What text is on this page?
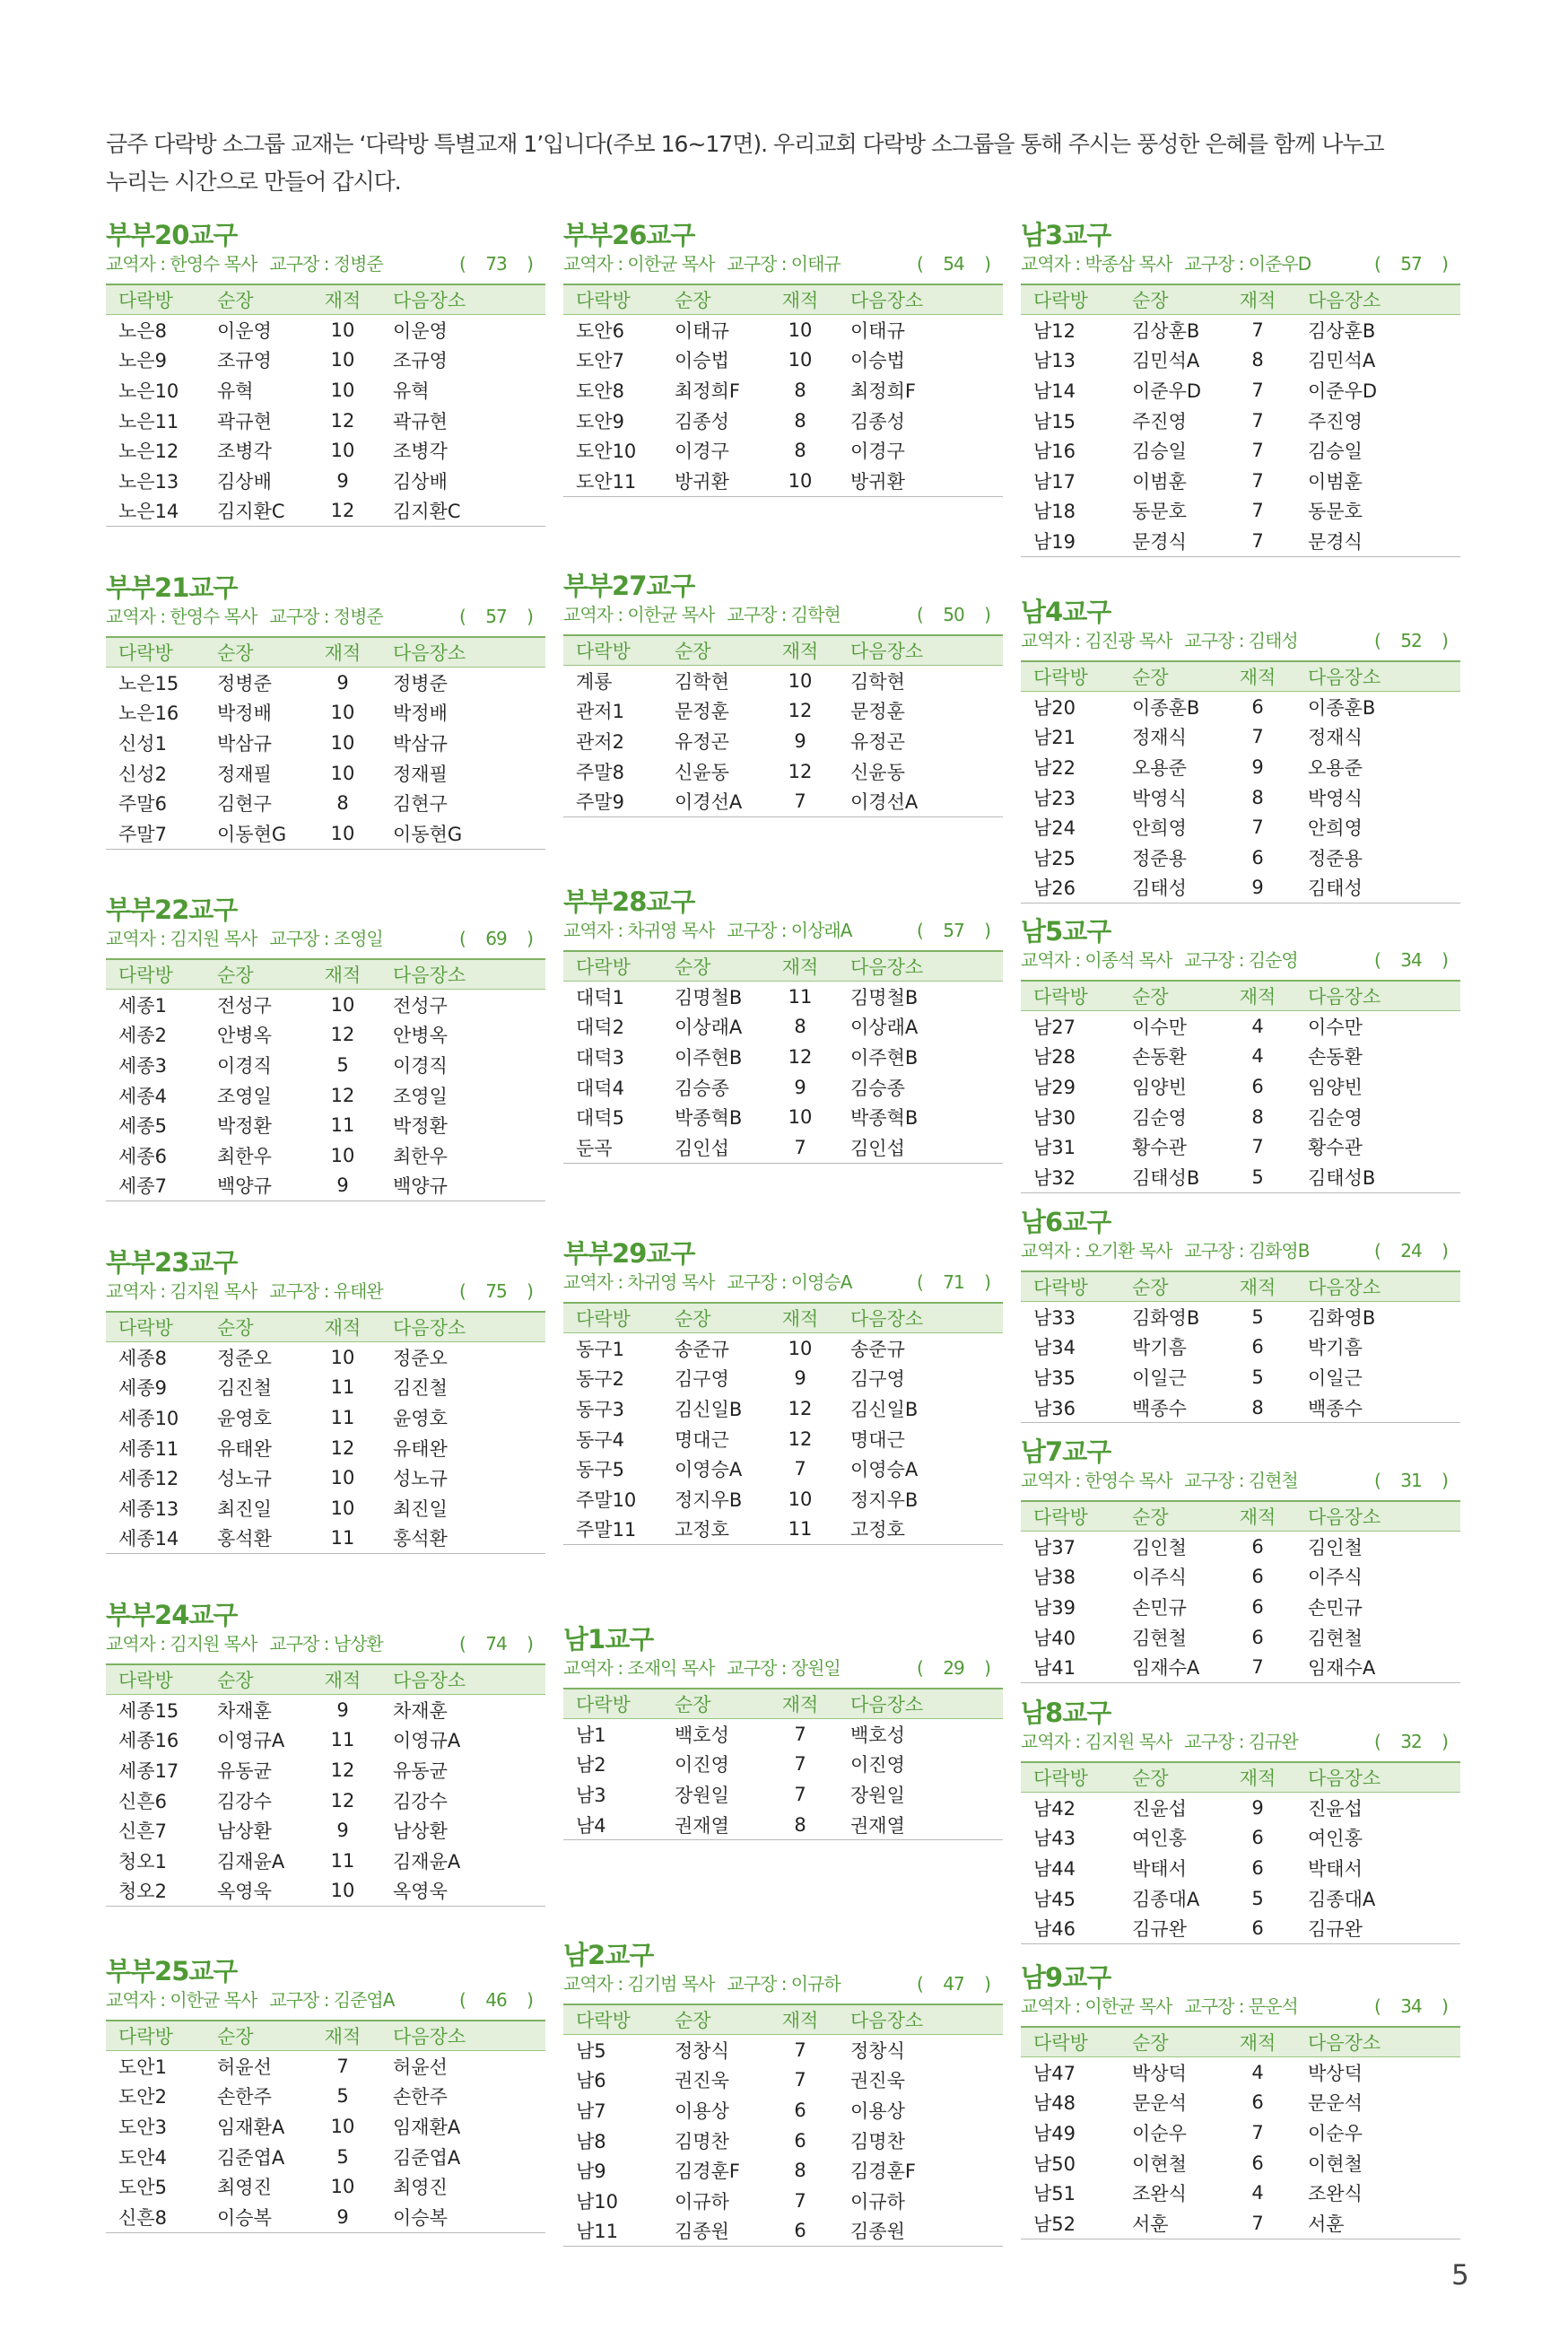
금주 다락방 소그룹 교재는 ‘다락방 특별교재 1’입니다(주보 16~17면). 우리교회 다락방 소그룹을 통해 주시는 풍성한 은혜를 함께 나누고
누리는 시간으로 만들어 갑시다.
부부20교구
교역자 : 한영수 목사 교구장 : 정병준	( 73 )
다락방	순장	재적	다음장소
노은8	이운영	10	이운영
노은9	조규영	10	조규영
노은10	유혁	10	유혁
노은11	곽규현	12	곽규현
노은12	조병각	10	조병각
노은13	김상배	9	김상배
노은14	김지환C	12	김지환C
부부21교구
교역자 : 한영수 목사 교구장 : 정병준	( 57 )
다락방	순장	재적	다음장소
노은15	정병준	9	정병준
노은16	박정배	10	박정배
신성1	박삼규	10	박삼규
신성2	정재필	10	정재필
주말6	김현구	8	김현구
주말7	이동현G	10	이동현G
부부22교구
교역자 : 김지원 목사 교구장 : 조영일	( 69 )
다락방	순장	재적	다음장소
세종1	전성구	10	전성구
세종2	안병옥	12	안병옥
세종3	이경직	5	이경직
세종4	조영일	12	조영일
세종5	박정환	11	박정환
세종6	최한우	10	최한우
세종7	백양규	9	백양규
부부23교구
교역자 : 김지원 목사 교구장 : 유태완	( 75 )
다락방	순장	재적	다음장소
세종8	정준오	10	정준오
세종9	김진철	11	김진철
세종10	윤영호	11	윤영호
세종11	유태완	12	유태완
세종12	성노규	10	성노규
세종13	최진일	10	최진일
세종14	홍석환	11	홍석환
부부24교구
교역자 : 김지원 목사 교구장 : 남상환	( 74 )
다락방	순장	재적	다음장소
세종15	차재훈	9	차재훈
세종16	이영규A	11	이영규A
세종17	유동균	12	유동균
신흔6	김강수	12	김강수
신흔7	남상환	9	남상환
청오1	김재윤A	11	김재윤A
청오2	옥영욱	10	옥영욱
부부25교구
교역자 : 이한균 목사 교구장 : 김준엽A	( 46 )
다락방	순장	재적	다음장소
도안1	허윤선	7	허윤선
도안2	손한주	5	손한주
도안3	임재환A	10	임재환A
도안4	김준엽A	5	김준엽A
도안5	최영진	10	최영진
신흔8	이승복	9	이승복
부부26교구
교역자 : 이한균 목사 교구장 : 이태규	( 54 )
다락방	순장	재적	다음장소
도안6	이태규	10	이태규
도안7	이승법	10	이승법
도안8	최정희F	8	최정희F
도안9	김종성	8	김종성
도안10	이경구	8	이경구
도안11	방귀환	10	방귀환
부부27교구
교역자 : 이한균 목사 교구장 : 김학현	( 50 )
다락방	순장	재적	다음장소
계룡	김학현	10	김학현
관저1	문정훈	12	문정훈
관저2	유정곤	9	유정곤
주말8	신윤동	12	신윤동
주말9	이경선A	7	이경선A
부부28교구
교역자 : 차귀영 목사 교구장 : 이상래A	( 57 )
다락방	순장	재적	다음장소
대덕1	김명철B	11	김명철B
대덕2	이상래A	8	이상래A
대덕3	이주현B	12	이주현B
대덕4	김승종	9	김승종
대덕5	박종혁B	10	박종혁B
둔곡	김인섭	7	김인섭
부부29교구
교역자 : 차귀영 목사 교구장 : 이영승A	( 71 )
다락방	순장	재적	다음장소
동구1	송준규	10	송준규
동구2	김구영	9	김구영
동구3	김신일B	12	김신일B
동구4	명대근	12	명대근
동구5	이영승A	7	이영승A
주말10	정지우B	10	정지우B
주말11	고정호	11	고정호
남1교구
교역자 : 조재익 목사 교구장 : 장원일	( 29 )
다락방	순장	재적	다음장소
남1	백호성	7	백호성
남2	이진영	7	이진영
남3	장원일	7	장원일
남4	권재열	8	권재열
남2교구
교역자 : 김기범 목사 교구장 : 이규하	( 47 )
다락방	순장	재적	다음장소
남5	정창식	7	정창식
남6	권진욱	7	권진욱
남7	이용상	6	이용상
남8	김명찬	6	김명찬
남9	김경훈F	8	김경훈F
남10	이규하	7	이규하
남11	김종원	6	김종원
남3교구
교역자 : 박종삼 목사 교구장 : 이준우D	( 57 )
다락방	순장	재적	다음장소
남12	김상훈B	7	김상훈B
남13	김민석A	8	김민석A
남14	이준우D	7	이준우D
남15	주진영	7	주진영
남16	김승일	7	김승일
남17	이범훈	7	이범훈
남18	동문호	7	동문호
남19	문경식	7	문경식
남4교구
교역자 : 김진광 목사 교구장 : 김태성	( 52 )
다락방	순장	재적	다음장소
남20	이종훈B	6	이종훈B
남21	정재식	7	정재식
남22	오용준	9	오용준
남23	박영식	8	박영식
남24	안희영	7	안희영
남25	정준용	6	정준용
남26	김태성	9	김태성
남5교구
교역자 : 이종석 목사 교구장 : 김순영	( 34 )
다락방	순장	재적	다음장소
남27	이수만	4	이수만
남28	손동환	4	손동환
남29	임양빈	6	임양빈
남30	김순영	8	김순영
남31	황수관	7	황수관
남32	김태성B	5	김태성B
남6교구
교역자 : 오기환 목사 교구장 : 김화영B	( 24 )
다락방	순장	재적	다음장소
남33	김화영B	5	김화영B
남34	박기흠	6	박기흠
남35	이일근	5	이일근
남36	백종수	8	백종수
남7교구
교역자 : 한영수 목사 교구장 : 김현철	( 31 )
다락방	순장	재적	다음장소
남37	김인철	6	김인철
남38	이주식	6	이주식
남39	손민규	6	손민규
남40	김현철	6	김현철
남41	임재수A	7	임재수A
남8교구
교역자 : 김지원 목사 교구장 : 김규완	( 32 )
다락방	순장	재적	다음장소
남42	진윤섭	9	진윤섭
남43	여인홍	6	여인홍
남44	박태서	6	박태서
남45	김종대A	5	김종대A
남46	김규완	6	김규완
남9교구
교역자 : 이한균 목사 교구장 : 문운석	( 34 )
다락방	순장	재적	다음장소
남47	박상덕	4	박상덕
남48	문운석	6	문운석
남49	이순우	7	이순우
남50	이현철	6	이현철
남51	조완식	4	조완식
남52	서훈	7	서훈
5
